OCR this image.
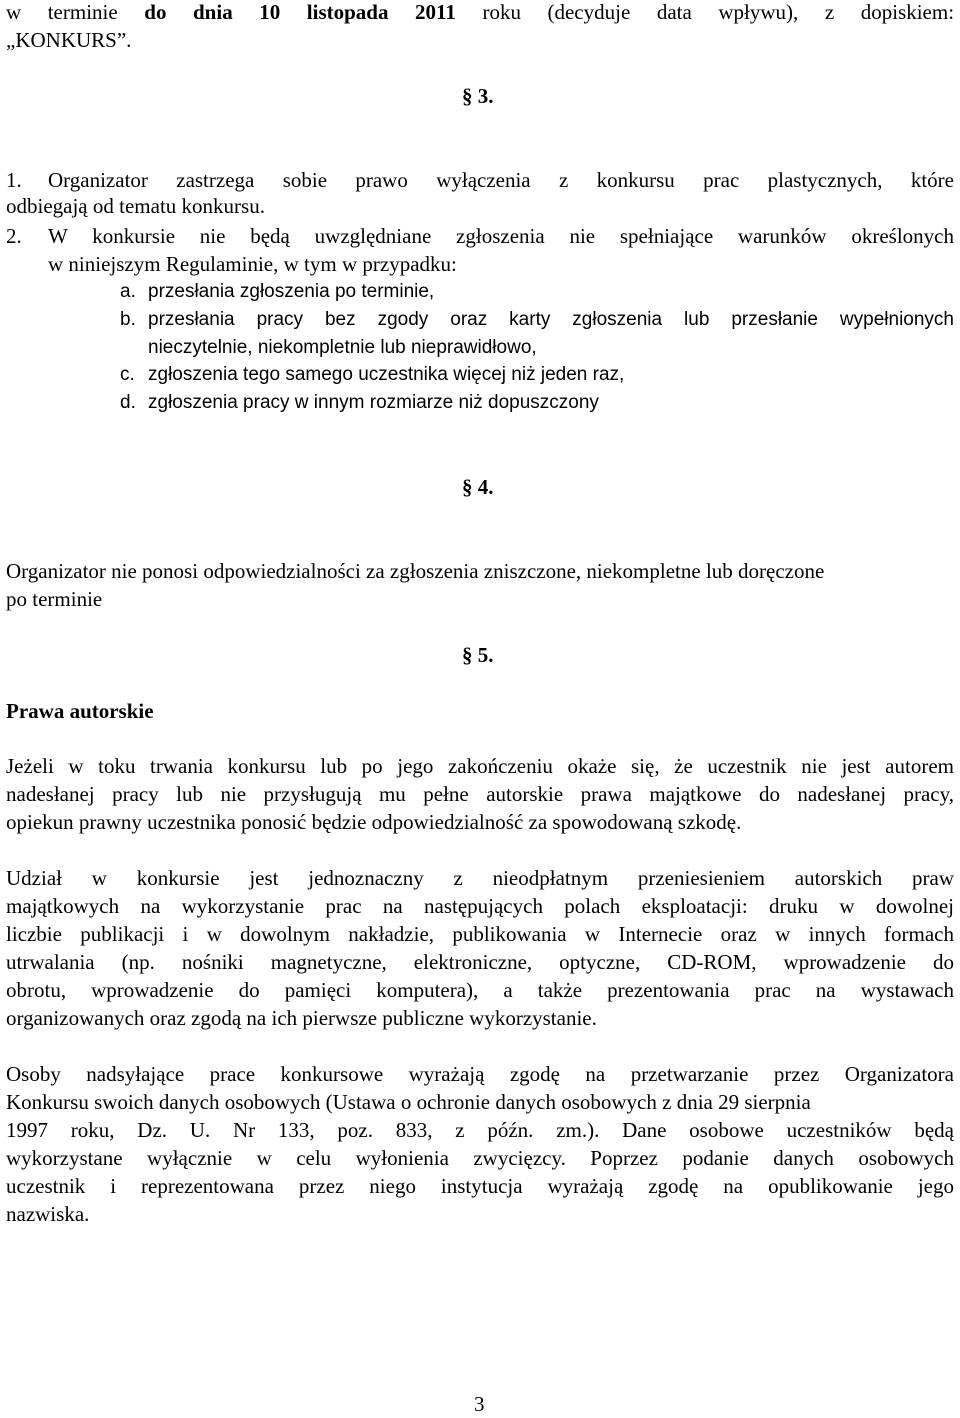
w terminie do dnia 10 listopada 2011 roku (decyduje data wpływu), z dopiskiem:
„KONKURS”.
§ 3.
1. Organizator zastrzega sobie prawo wyłączenia z konkursu prac plastycznych, które
odbiegają od tematu konkursu.
2. W konkursie nie będą uwzględniane zgłoszenia nie spełniające warunków określonych
w niniejszym Regulaminie, w tym w przypadku:
a. przesłania zgłoszenia po terminie,
b. przesłania pracy bez zgody oraz karty zgłoszenia lub przesłanie wypełnionych
nieczytelnie, niekompletnie lub nieprawidłowo,
c. zgłoszenia tego samego uczestnika więcej niż jeden raz,
d. zgłoszenia pracy w innym rozmiarze niż dopuszczony
§ 4.
Organizator nie ponosi odpowiedzialności za zgłoszenia zniszczone, niekompletne lub doręczone
po terminie
§ 5.
Prawa autorskie
Jeżeli w toku trwania konkursu lub po jego zakończeniu okaże się, że uczestnik nie jest autorem
nadesłanej pracy lub nie przysługują mu pełne autorskie prawa majątkowe do nadesłanej pracy,
opiekun prawny uczestnika ponosić będzie odpowiedzialność za spowodowaną szkodę.
Udział w konkursie jest jednoznaczny z nieodpłatnym przeniesieniem autorskich praw
majątkowych na wykorzystanie prac na następujących polach eksploatacji: druku w dowolnej
liczbie publikacji i w dowolnym nakładzie, publikowania w Internecie oraz w innych formach
utrwalania (np. nośniki magnetyczne, elektroniczne, optyczne, CD-ROM, wprowadzenie do
obrotu, wprowadzenie do pamięci komputera), a także prezentowania prac na wystawach
organizowanych oraz zgodą na ich pierwsze publiczne wykorzystanie.
Osoby nadsyłające prace konkursowe wyrażają zgodę na przetwarzanie przez Organizatora
Konkursu swoich danych osobowych (Ustawa o ochronie danych osobowych z dnia 29 sierpnia
1997 roku, Dz. U. Nr 133, poz. 833, z późn. zm.). Dane osobowe uczestników będą
wykorzystane wyłącznie w celu wyłonienia zwycięzcy. Poprzez podanie danych osobowych
uczestnik i reprezentowana przez niego instytucja wyrażają zgodę na opublikowanie jego
nazwiska.
3
